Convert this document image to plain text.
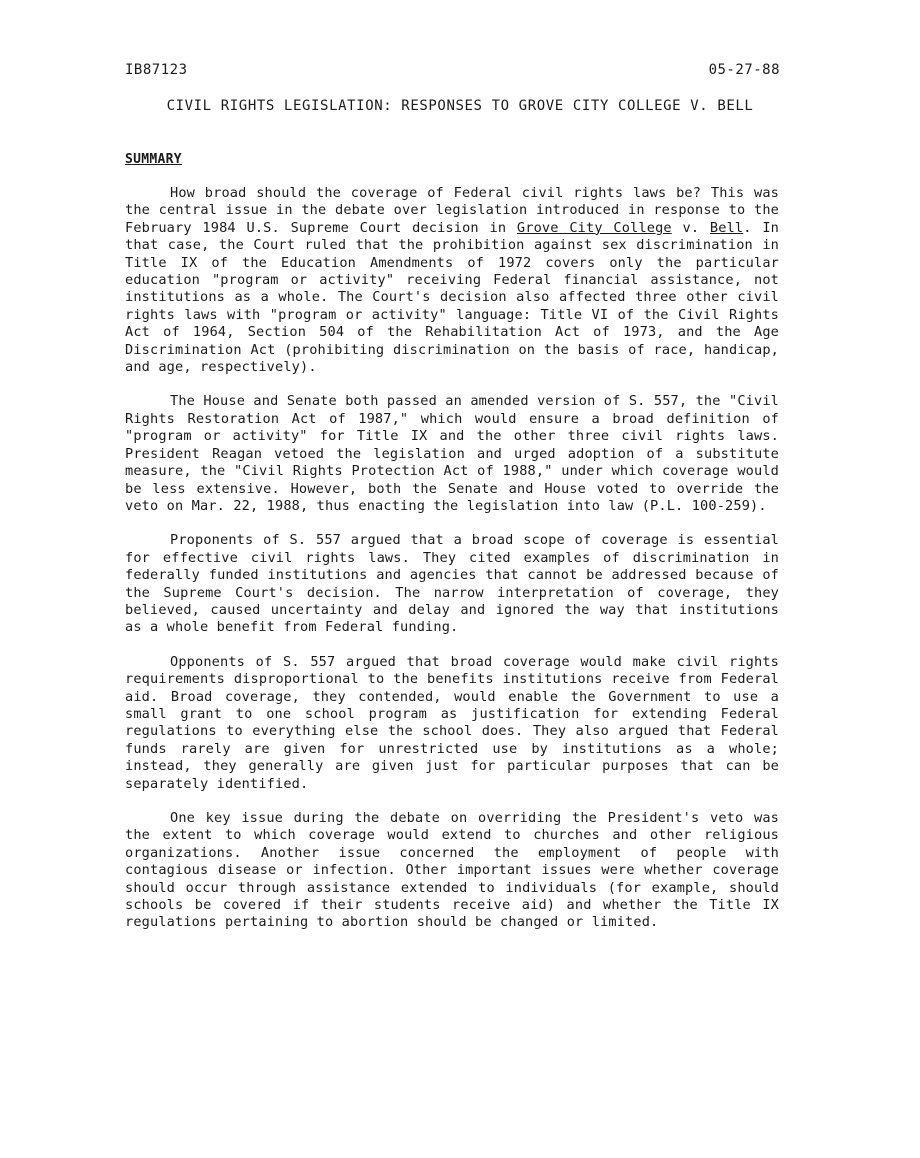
IB87123	05-27-88
CIVIL RIGHTS LEGISLATION: RESPONSES TO GROVE CITY COLLEGE V. BELL
SUMMARY

How broad should the coverage of Federal civil rights laws be? This was the central issue in the debate over legislation introduced in response to the February 1984 U.S. Supreme Court decision in Grove City College v. Bell. In that case, the Court ruled that the prohibition against sex discrimination in Title IX of the Education Amendments of 1972 covers only the particular education "program or activity" receiving Federal financial assistance, not institutions as a whole. The Court's decision also affected three other civil rights laws with "program or activity" language: Title VI of the Civil Rights Act of 1964, Section 504 of the Rehabilitation Act of 1973, and the Age Discrimination Act (prohibiting discrimination on the basis of race, handicap, and age, respectively).

The House and Senate both passed an amended version of S. 557, the "Civil Rights Restoration Act of 1987," which would ensure a broad definition of "program or activity" for Title IX and the other three civil rights laws. President Reagan vetoed the legislation and urged adoption of a substitute measure, the "Civil Rights Protection Act of 1988," under which coverage would be less extensive. However, both the Senate and House voted to override the veto on Mar. 22, 1988, thus enacting the legislation into law (P.L. 100-259).

Proponents of S. 557 argued that a broad scope of coverage is essential for effective civil rights laws. They cited examples of discrimination in federally funded institutions and agencies that cannot be addressed because of the Supreme Court's decision. The narrow interpretation of coverage, they believed, caused uncertainty and delay and ignored the way that institutions as a whole benefit from Federal funding.

Opponents of S. 557 argued that broad coverage would make civil rights requirements disproportional to the benefits institutions receive from Federal aid. Broad coverage, they contended, would enable the Government to use a small grant to one school program as justification for extending Federal regulations to everything else the school does. They also argued that Federal funds rarely are given for unrestricted use by institutions as a whole; instead, they generally are given just for particular purposes that can be separately identified.

One key issue during the debate on overriding the President's veto was the extent to which coverage would extend to churches and other religious organizations. Another issue concerned the employment of people with contagious disease or infection. Other important issues were whether coverage should occur through assistance extended to individuals (for example, should schools be covered if their students receive aid) and whether the Title IX regulations pertaining to abortion should be changed or limited.
